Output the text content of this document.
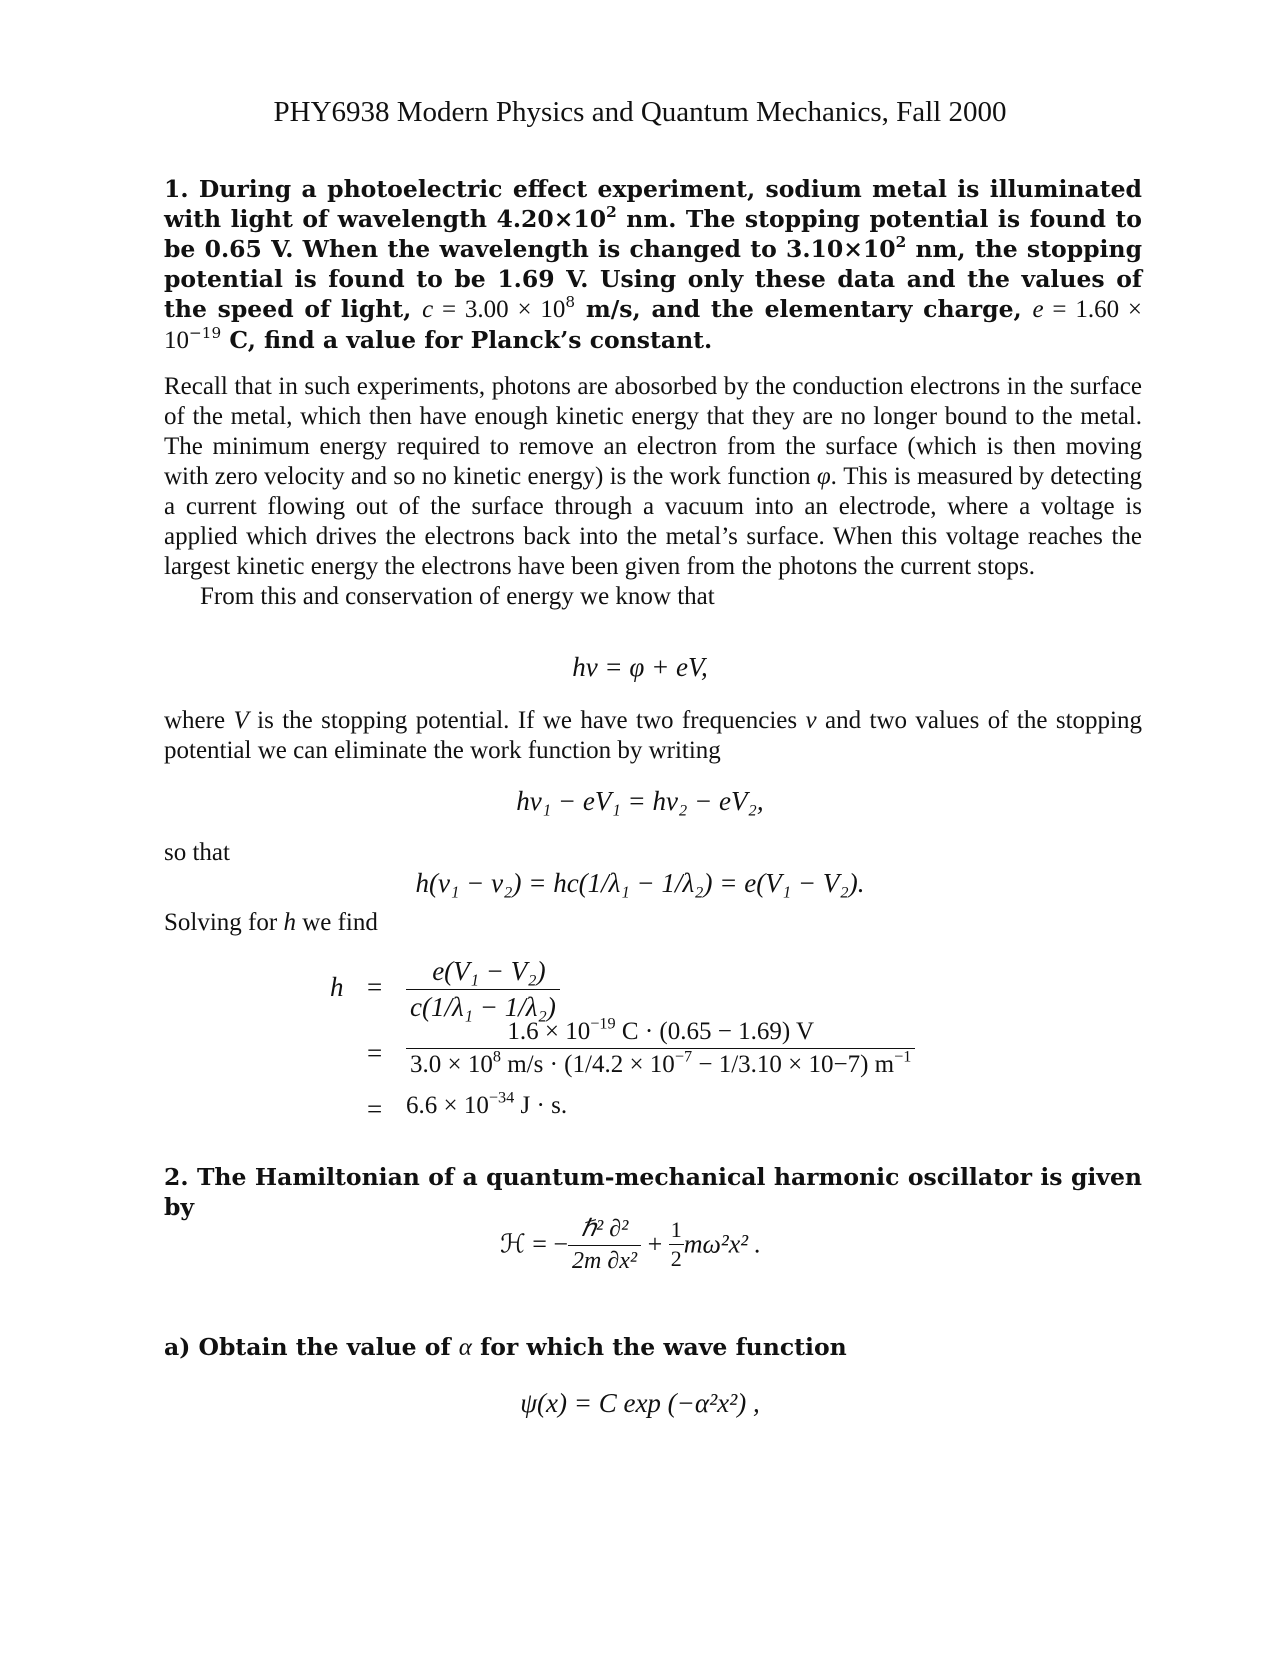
PHY6938 Modern Physics and Quantum Mechanics, Fall 2000
1. During a photoelectric effect experiment, sodium metal is illuminated with light of wavelength $4.20\times 10^2$ nm. The stopping potential is found to be 0.65 V. When the wavelength is changed to $3.10\times 10^2$ nm, the stopping potential is found to be 1.69 V. Using only these data and the values of the speed of light, $c = 3.00 \times 10^8$ m/s, and the elementary charge, $e = 1.60 \times 10^{-19}$ C, find a value for Planck’s constant.
Recall that in such experiments, photons are abosorbed by the conduction electrons in the surface of the metal, which then have enough kinetic energy that they are no longer bound to the metal. The minimum energy required to remove an electron from the surface (which is then moving with zero velocity and so no kinetic energy) is the work function φ. This is measured by detecting a current flowing out of the surface through a vacuum into an electrode, where a voltage is applied which drives the electrons back into the metal’s surface. When this voltage reaches the largest kinetic energy the electrons have been given from the photons the current stops.
From this and conservation of energy we know that
hν = φ + eV,
where V is the stopping potential. If we have two frequencies ν and two values of the stopping potential we can eliminate the work function by writing
hν₁ − eV₁ = hν₂ − eV₂,
so that
h(ν₁ − ν₂) = hc(1/λ₁ − 1/λ₂) = e(V₁ − V₂).
Solving for h we find
h =
=
=
$\frac{\text{e(V₁ − V₂)}}{\text{c(1/λ₁ − 1/λ₂)}}$
$\frac{1.6 \times 10^{-19} C \cdot (0.65 - 1.69) V}{3.0 \times 10^8 m/s \cdot (1/4.2 \times 10^{-7} - 1/3.10 \times 10-7) m^{-1}}$
$6.6 \times 10^{-34}$ J · s.
2. The Hamiltonian of a quantum-mechanical harmonic oscillator is given by
ℋ = − $\frac{\text{ℏ² ∂²}}{\text{2m ∂x²}} + \frac{1}{2} m\omega^2x^2$ .
a) Obtain the value of α for which the wave function
ψ(x) = C exp (−α²x²) ,
